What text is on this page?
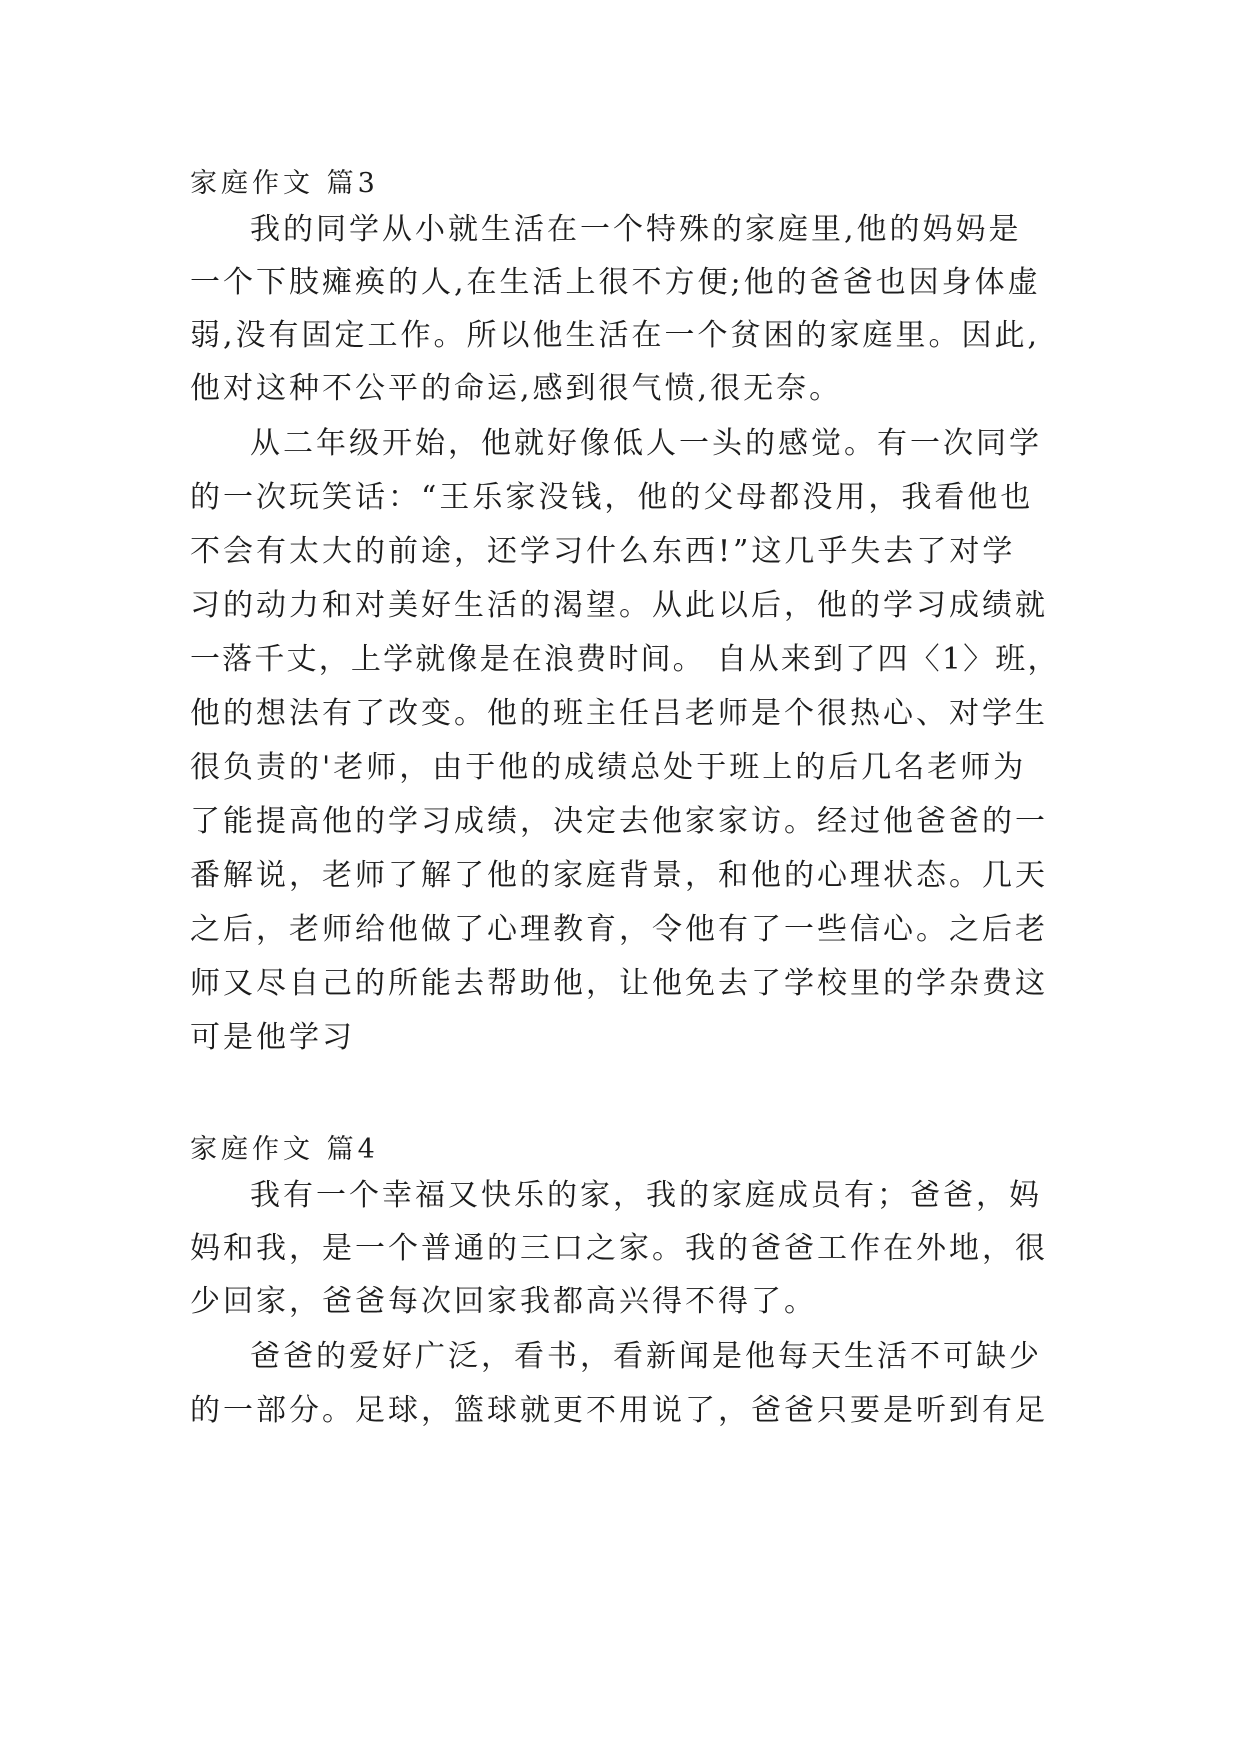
家庭作文 篇3
我的同学从小就生活在一个特殊的家庭里,他的妈妈是
一个下肢瘫痪的人,在生活上很不方便;他的爸爸也因身体虚
弱,没有固定工作。所以他生活在一个贫困的家庭里。因此,
他对这种不公平的命运,感到很气愤,很无奈。
从二年级开始，他就好像低人一头的感觉。有一次同学
的一次玩笑话：“王乐家没钱，他的父母都没用，我看他也
不会有太大的前途，还学习什么东西!”这几乎失去了对学
习的动力和对美好生活的渴望。从此以后，他的学习成绩就
一落千丈，上学就像是在浪费时间。 自从来到了四〈1〉班，
他的想法有了改变。他的班主任吕老师是个很热心、对学生
很负责的'老师，由于他的成绩总处于班上的后几名老师为
了能提高他的学习成绩，决定去他家家访。经过他爸爸的一
番解说，老师了解了他的家庭背景，和他的心理状态。几天
之后，老师给他做了心理教育，令他有了一些信心。之后老
师又尽自己的所能去帮助他，让他免去了学校里的学杂费这
可是他学习
家庭作文 篇4
我有一个幸福又快乐的家，我的家庭成员有；爸爸，妈
妈和我，是一个普通的三口之家。我的爸爸工作在外地，很
少回家，爸爸每次回家我都高兴得不得了。
爸爸的爱好广泛，看书，看新闻是他每天生活不可缺少
的一部分。足球，篮球就更不用说了，爸爸只要是听到有足
